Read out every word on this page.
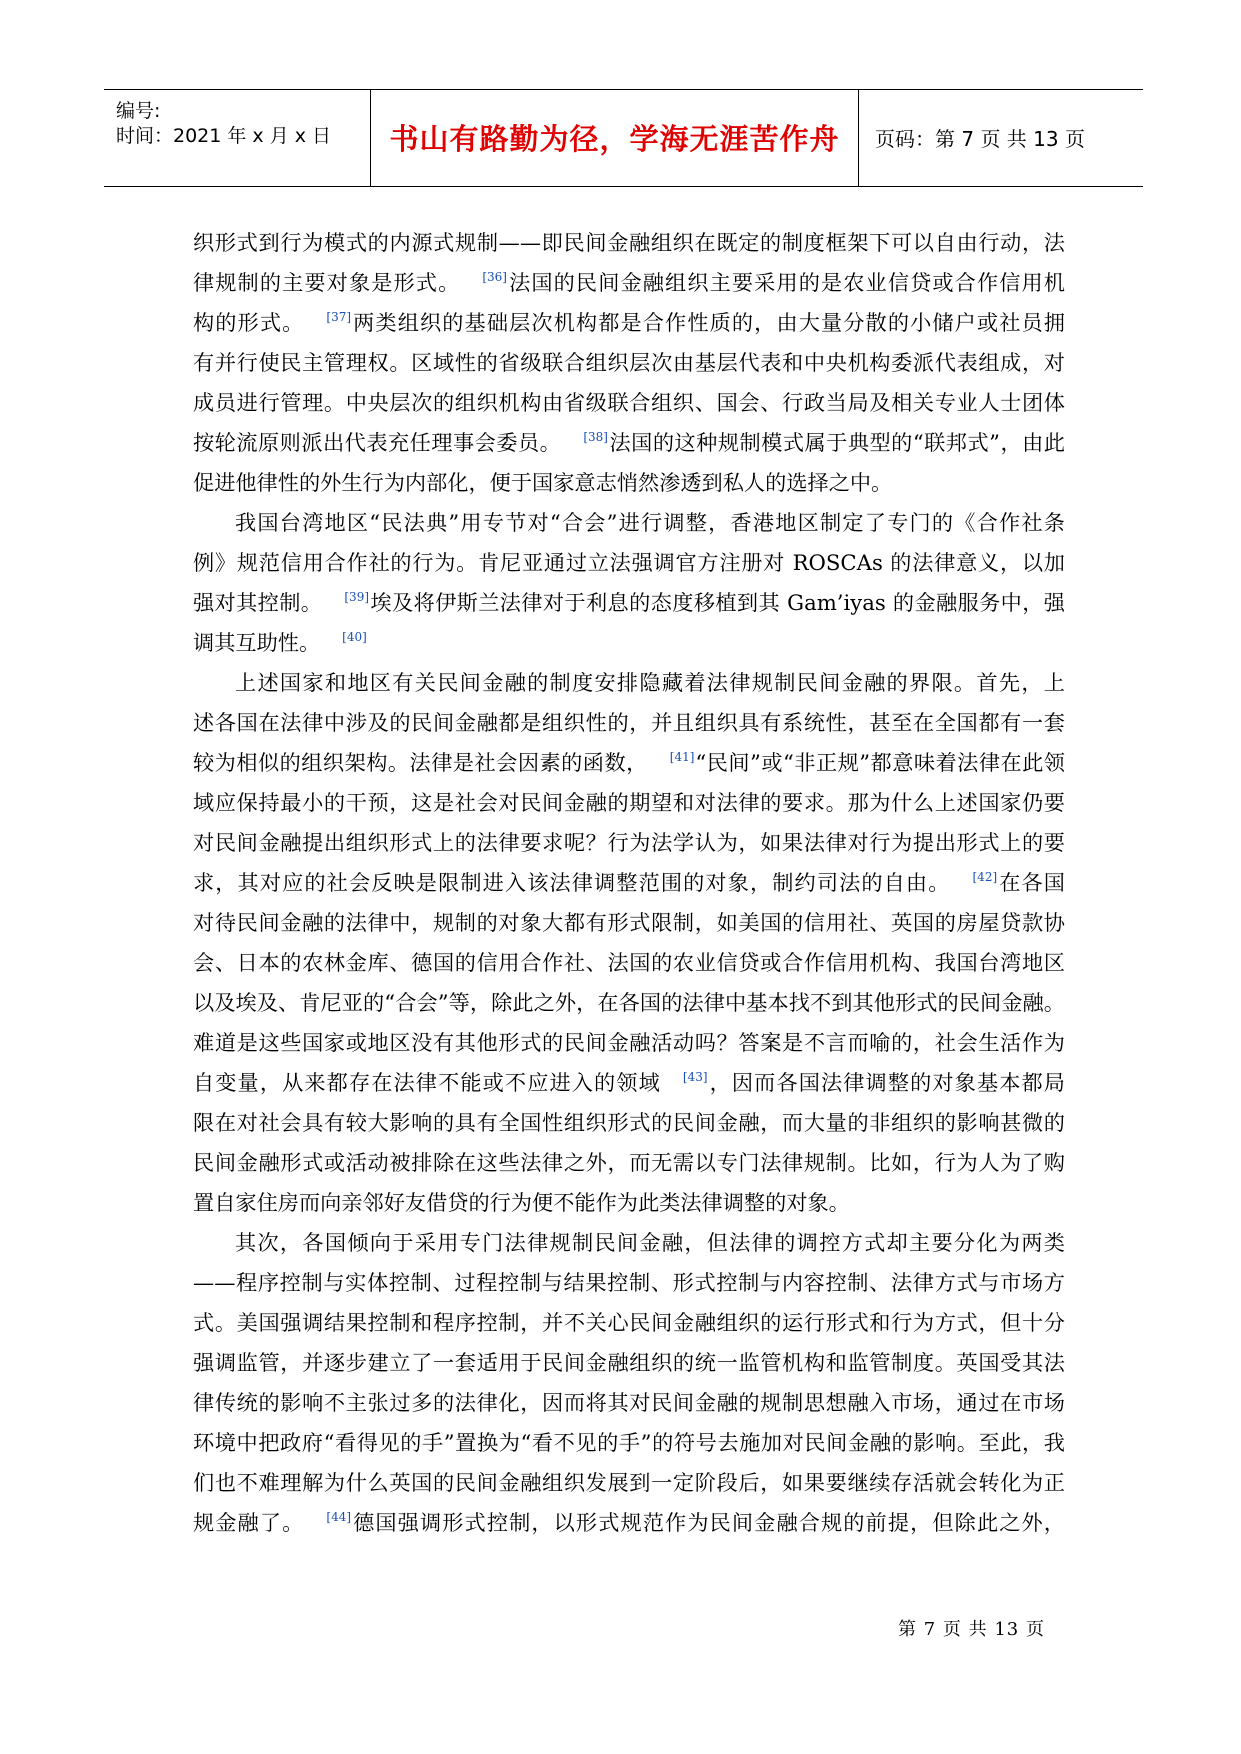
编号:
时间：2021 年 x 月 x 日	书山有路勤为径，学海无涯苦作舟	页码：第 7 页 共 13 页
织形式到行为模式的内源式规制——即民间金融组织在既定的制度框架下可以自由行动，法
律规制的主要对象是形式。 [36]法国的民间金融组织主要采用的是农业信贷或合作信用机
构的形式。 [37]两类组织的基础层次机构都是合作性质的，由大量分散的小储户或社员拥
有并行使民主管理权。区域性的省级联合组织层次由基层代表和中央机构委派代表组成，对
成员进行管理。中央层次的组织机构由省级联合组织、国会、行政当局及相关专业人士团体
按轮流原则派出代表充任理事会委员。 [38]法国的这种规制模式属于典型的“联邦式”，由此
促进他律性的外生行为内部化，便于国家意志悄然渗透到私人的选择之中。
我国台湾地区“民法典”用专节对“合会”进行调整，香港地区制定了专门的《合作社条
例》规范信用合作社的行为。肯尼亚通过立法强调官方注册对 ROSCAs 的法律意义，以加
强对其控制。 [39]埃及将伊斯兰法律对于利息的态度移植到其 Gam’iyas 的金融服务中，强
调其互助性。 [40]
上述国家和地区有关民间金融的制度安排隐藏着法律规制民间金融的界限。首先，上
述各国在法律中涉及的民间金融都是组织性的，并且组织具有系统性，甚至在全国都有一套
较为相似的组织架构。法律是社会因素的函数， [41]“民间”或“非正规”都意味着法律在此领
域应保持最小的干预，这是社会对民间金融的期望和对法律的要求。那为什么上述国家仍要
对民间金融提出组织形式上的法律要求呢？行为法学认为，如果法律对行为提出形式上的要
求，其对应的社会反映是限制进入该法律调整范围的对象，制约司法的自由。 [42]在各国
对待民间金融的法律中，规制的对象大都有形式限制，如美国的信用社、英国的房屋贷款协
会、日本的农林金库、德国的信用合作社、法国的农业信贷或合作信用机构、我国台湾地区
以及埃及、肯尼亚的“合会”等，除此之外，在各国的法律中基本找不到其他形式的民间金融。
难道是这些国家或地区没有其他形式的民间金融活动吗？答案是不言而喻的，社会生活作为
自变量，从来都存在法律不能或不应进入的领域 [43]，因而各国法律调整的对象基本都局
限在对社会具有较大影响的具有全国性组织形式的民间金融，而大量的非组织的影响甚微的
民间金融形式或活动被排除在这些法律之外，而无需以专门法律规制。比如，行为人为了购
置自家住房而向亲邻好友借贷的行为便不能作为此类法律调整的对象。
其次，各国倾向于采用专门法律规制民间金融，但法律的调控方式却主要分化为两类
——程序控制与实体控制、过程控制与结果控制、形式控制与内容控制、法律方式与市场方
式。美国强调结果控制和程序控制，并不关心民间金融组织的运行形式和行为方式，但十分
强调监管，并逐步建立了一套适用于民间金融组织的统一监管机构和监管制度。英国受其法
律传统的影响不主张过多的法律化，因而将其对民间金融的规制思想融入市场，通过在市场
环境中把政府“看得见的手”置换为“看不见的手”的符号去施加对民间金融的影响。至此，我
们也不难理解为什么英国的民间金融组织发展到一定阶段后，如果要继续存活就会转化为正
规金融了。 [44]德国强调形式控制，以形式规范作为民间金融合规的前提，但除此之外，
第 7 页 共 13 页
